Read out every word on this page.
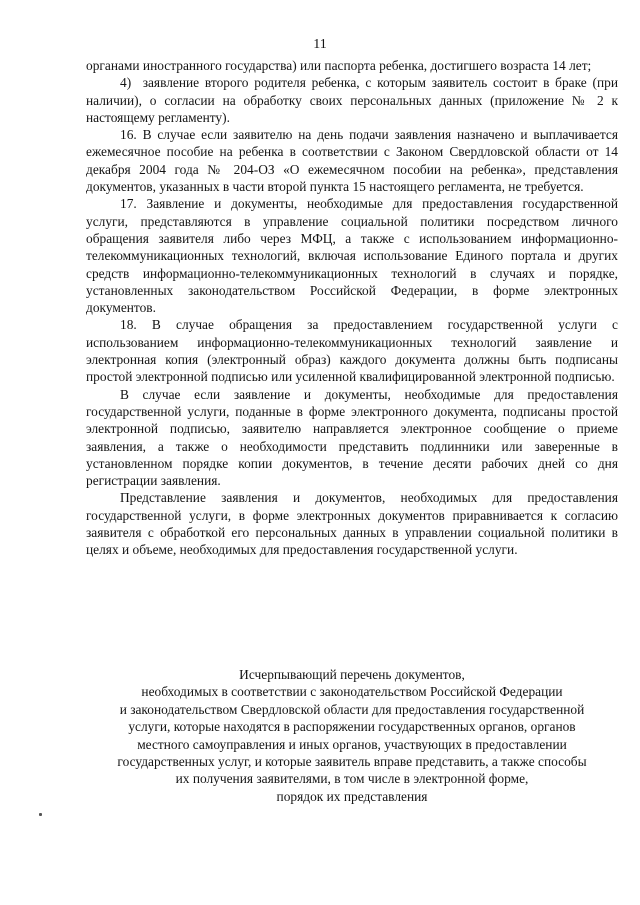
11

органами иностранного государства) или паспорта ребенка, достигшего возраста 14 лет;

4)  заявление второго родителя ребенка, с которым заявитель состоит в браке (при наличии), о согласии на обработку своих персональных данных (приложение № 2 к настоящему регламенту).

16. В случае если заявителю на день подачи заявления назначено и выплачивается ежемесячное пособие на ребенка в соответствии с Законом Свердловской области от 14 декабря 2004 года № 204-ОЗ «О ежемесячном пособии на ребенка», представления документов, указанных в части второй пункта 15 настоящего регламента, не требуется.

17. Заявление и документы, необходимые для предоставления государственной услуги, представляются в управление социальной политики посредством личного обращения заявителя либо через МФЦ, а также с использованием информационно-телекоммуникационных технологий, включая использование Единого портала и других средств информационно-телекоммуникационных технологий в случаях и порядке, установленных законодательством Российской Федерации, в форме электронных документов.

18. В случае обращения за предоставлением государственной услуги с использованием информационно-телекоммуникационных технологий заявление и электронная копия (электронный образ) каждого документа должны быть подписаны простой электронной подписью или усиленной квалифицированной электронной подписью.

В случае если заявление и документы, необходимые для предоставления государственной услуги, поданные в форме электронного документа, подписаны простой электронной подписью, заявителю направляется электронное сообщение о приеме заявления, а также о необходимости представить подлинники или заверенные в установленном порядке копии документов, в течение десяти рабочих дней со дня регистрации заявления.

Представление заявления и документов, необходимых для предоставления государственной услуги, в форме электронных документов приравнивается к согласию заявителя с обработкой его персональных данных в управлении социальной политики в целях и объеме, необходимых для предоставления государственной услуги.

Исчерпывающий перечень документов,
необходимых в соответствии с законодательством Российской Федерации
и законодательством Свердловской области для предоставления государственной
услуги, которые находятся в распоряжении государственных органов, органов
местного самоуправления и иных органов, участвующих в предоставлении
государственных услуг, и которые заявитель вправе представить, а также способы
их получения заявителями, в том числе в электронной форме,
порядок их представления
